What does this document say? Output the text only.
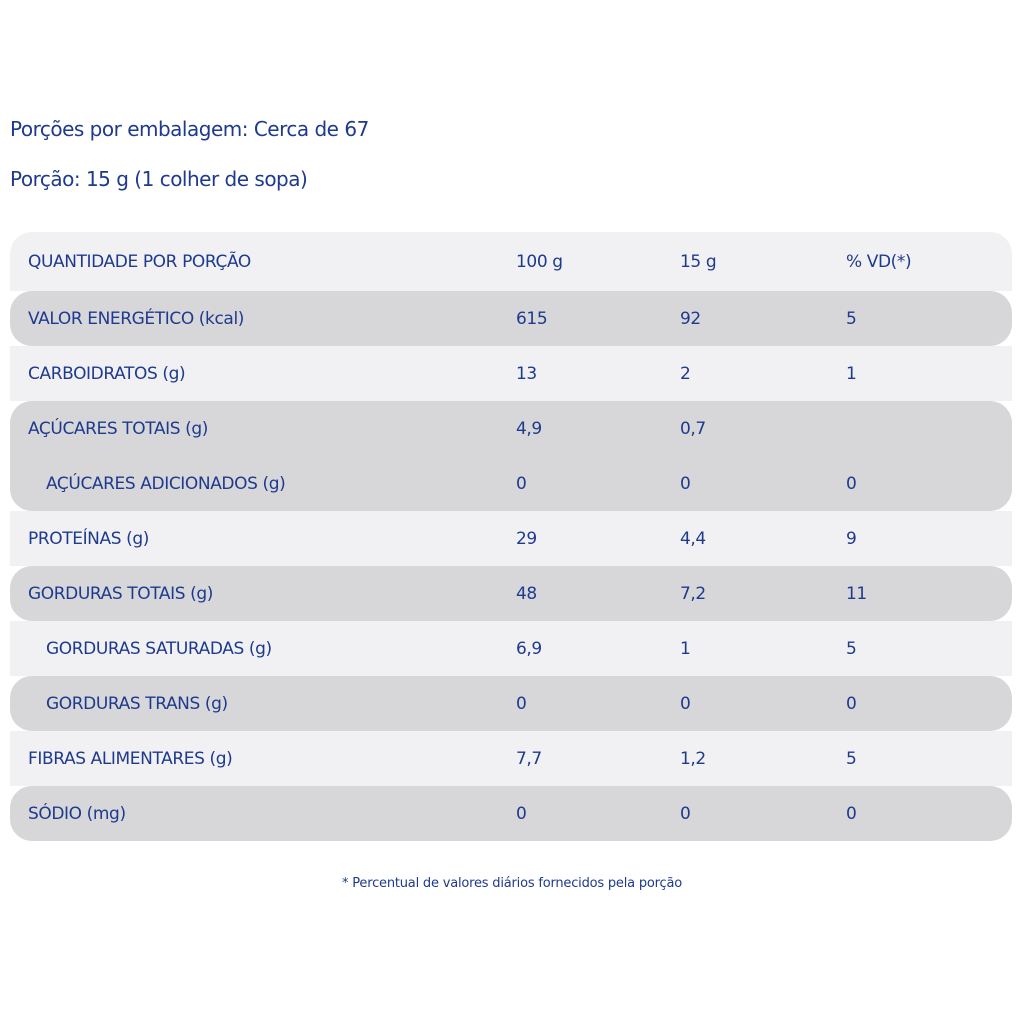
Porções por embalagem: Cerca de 67
Porção: 15 g (1 colher de sopa)
QUANTIDADE POR PORÇÃO	100 g	15 g	% VD(*)
VALOR ENERGÉTICO (kcal)	615	92	5
CARBOIDRATOS (g)	13	2	1
AÇÚCARES TOTAIS (g)	4,9	0,7
AÇÚCARES ADICIONADOS (g)	0	0	0
PROTEÍNAS (g)	29	4,4	9
GORDURAS TOTAIS (g)	48	7,2	11
GORDURAS SATURADAS (g)	6,9	1	5
GORDURAS TRANS (g)	0	0	0
FIBRAS ALIMENTARES (g)	7,7	1,2	5
SÓDIO (mg)	0	0	0
* Percentual de valores diários fornecidos pela porção
